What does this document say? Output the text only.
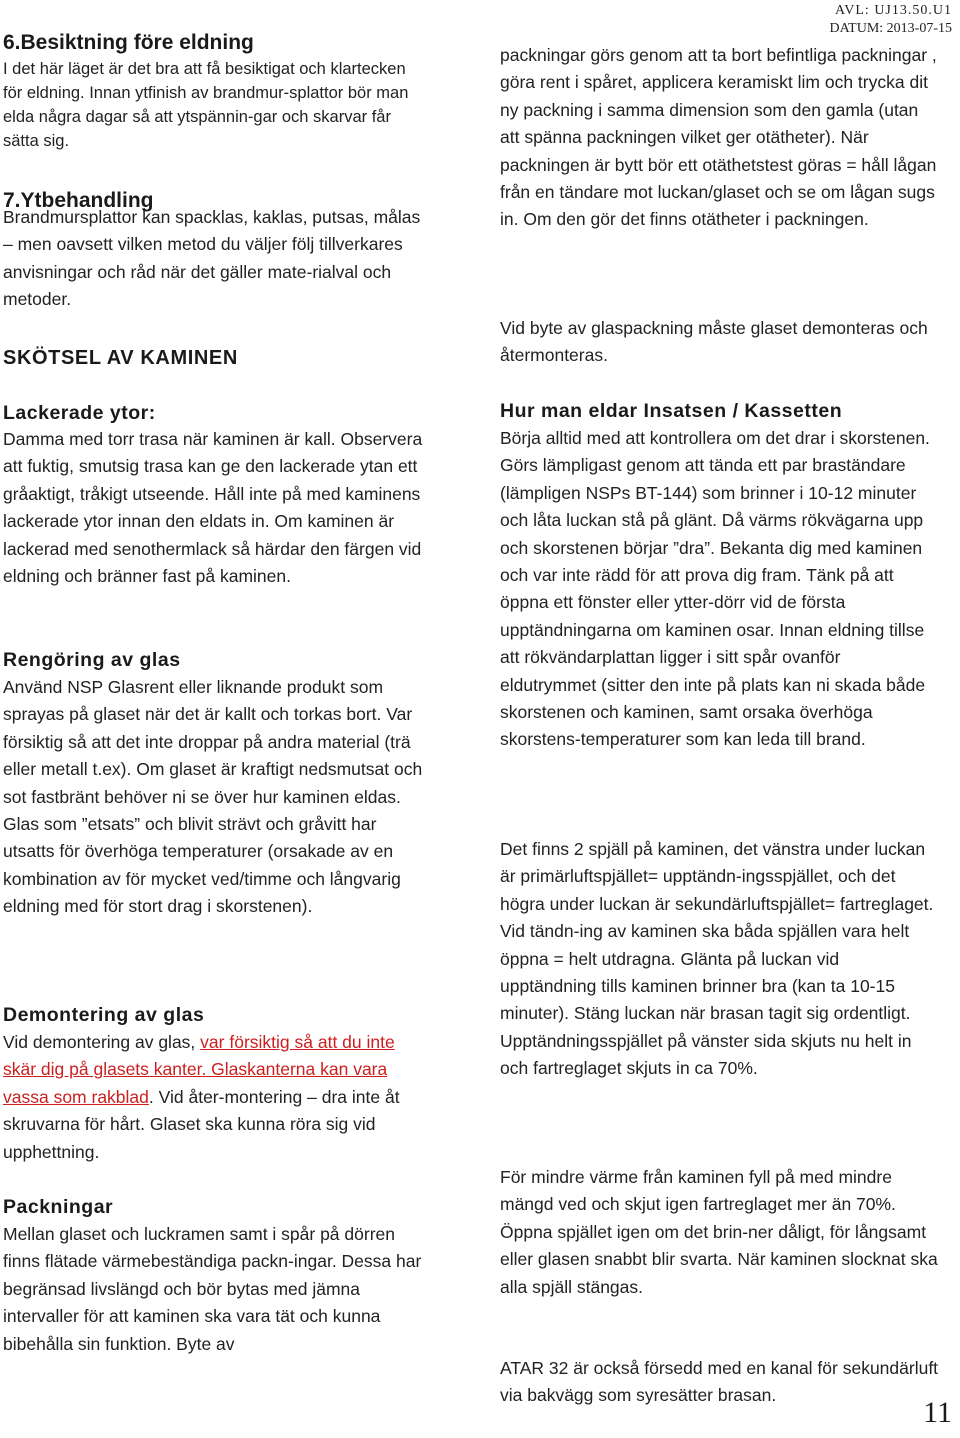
AVL: UJ13.50.U1
DATUM: 2013-07-15
6.Besiktning före eldning

I det här läget är det bra att få besiktigat och klartecken för eldning. Innan ytfinish av brandmur-splattor bör man elda några dagar så att ytspännin-gar och skarvar får sätta sig.

7.Ytbehandling

Brandmursplattor kan spacklas, kaklas, putsas, målas – men oavsett vilken metod du väljer följ tillverkares anvisningar och råd när det gäller mate-rialval och metoder.

SKÖTSEL AV KAMINEN
Lackerade ytor:

Damma med torr trasa när kaminen är kall. Observera att fuktig, smutsig trasa kan ge den lackerade ytan ett gråaktigt, tråkigt utseende. Håll inte på med kaminens lackerade ytor innan den eldats in. Om kaminen är lackerad med senothermlack så härdar den färgen vid eldning och bränner fast på kaminen.

Rengöring av glas

Använd NSP Glasrent eller liknande produkt som sprayas på glaset när det är kallt och torkas bort. Var försiktig så att det inte droppar på andra material (trä eller metall t.ex). Om glaset är kraftigt nedsmutsat och sot fastbränt behöver ni se över hur kaminen eldas. Glas som ”etsats” och blivit strävt och gråvitt har utsatts för överhöga temperaturer (orsakade av en kombination av för mycket ved/timme och långvarig eldning med för stort drag i skorstenen).

Demontering av glas

Vid demontering av glas, var försiktig så att du inte skär dig på glasets kanter. Glaskanterna kan vara vassa som rakblad. Vid åter-montering – dra inte åt skruvarna för hårt. Glaset ska kunna röra sig vid upphettning.

Packningar

Mellan glaset och luckramen samt i spår på dörren finns flätade värmebeständiga packn-ingar. Dessa har begränsad livslängd och bör bytas med jämna intervaller för att kaminen ska vara tät och kunna bibehålla sin funktion. Byte av

packningar görs genom att ta bort befintliga packningar , göra rent i spåret, applicera keramiskt lim och trycka dit ny packning i samma dimension som den gamla (utan att spänna packningen vilket ger otätheter). När packningen är bytt bör ett otäthetstest göras = håll lågan från en tändare mot luckan/glaset och se om lågan sugs in. Om den gör det finns otätheter i packningen.

Vid byte av glaspackning måste glaset demonteras och återmonteras.

Hur man eldar Insatsen / Kassetten

Börja alltid med att kontrollera om det drar i skorstenen. Görs lämpligast genom att tända ett par braständare (lämpligen NSPs BT-144) som brinner i 10-12 minuter och låta luckan stå på glänt. Då värms rökvägarna upp och skorstenen börjar ”dra”. Bekanta dig med kaminen och var inte rädd för att prova dig fram. Tänk på att öppna ett fönster eller ytter-dörr vid de första upptändningarna om kaminen osar. Innan eldning tillse att rökvändarplattan ligger i sitt spår ovanför eldutrymmet (sitter den inte på plats kan ni skada både skorstenen och kaminen, samt orsaka överhöga skorstens-temperaturer som kan leda till brand.

Det finns 2 spjäll på kaminen, det vänstra under luckan är primärluftspjället= upptändn-ingsspjället, och det högra under luckan är sekundärluftspjället= fartreglaget. Vid tändn-ing av kaminen ska båda spjällen vara helt öppna = helt utdragna. Glänta på luckan vid upptändning tills kaminen brinner bra (kan ta 10-15 minuter). Stäng luckan när brasan tagit sig ordentligt. Upptändningsspjället på vänster sida skjuts nu helt in och fartreglaget skjuts in ca 70%.

För mindre värme från kaminen fyll på med mindre mängd ved och skjut igen fartreglaget mer än 70%. Öppna spjället igen om det brin-ner dåligt, för långsamt eller glasen snabbt blir svarta. När kaminen slocknat ska alla spjäll stängas.

ATAR 32 är också försedd med en kanal för sekundärluft via bakvägg som syresätter brasan.

11
